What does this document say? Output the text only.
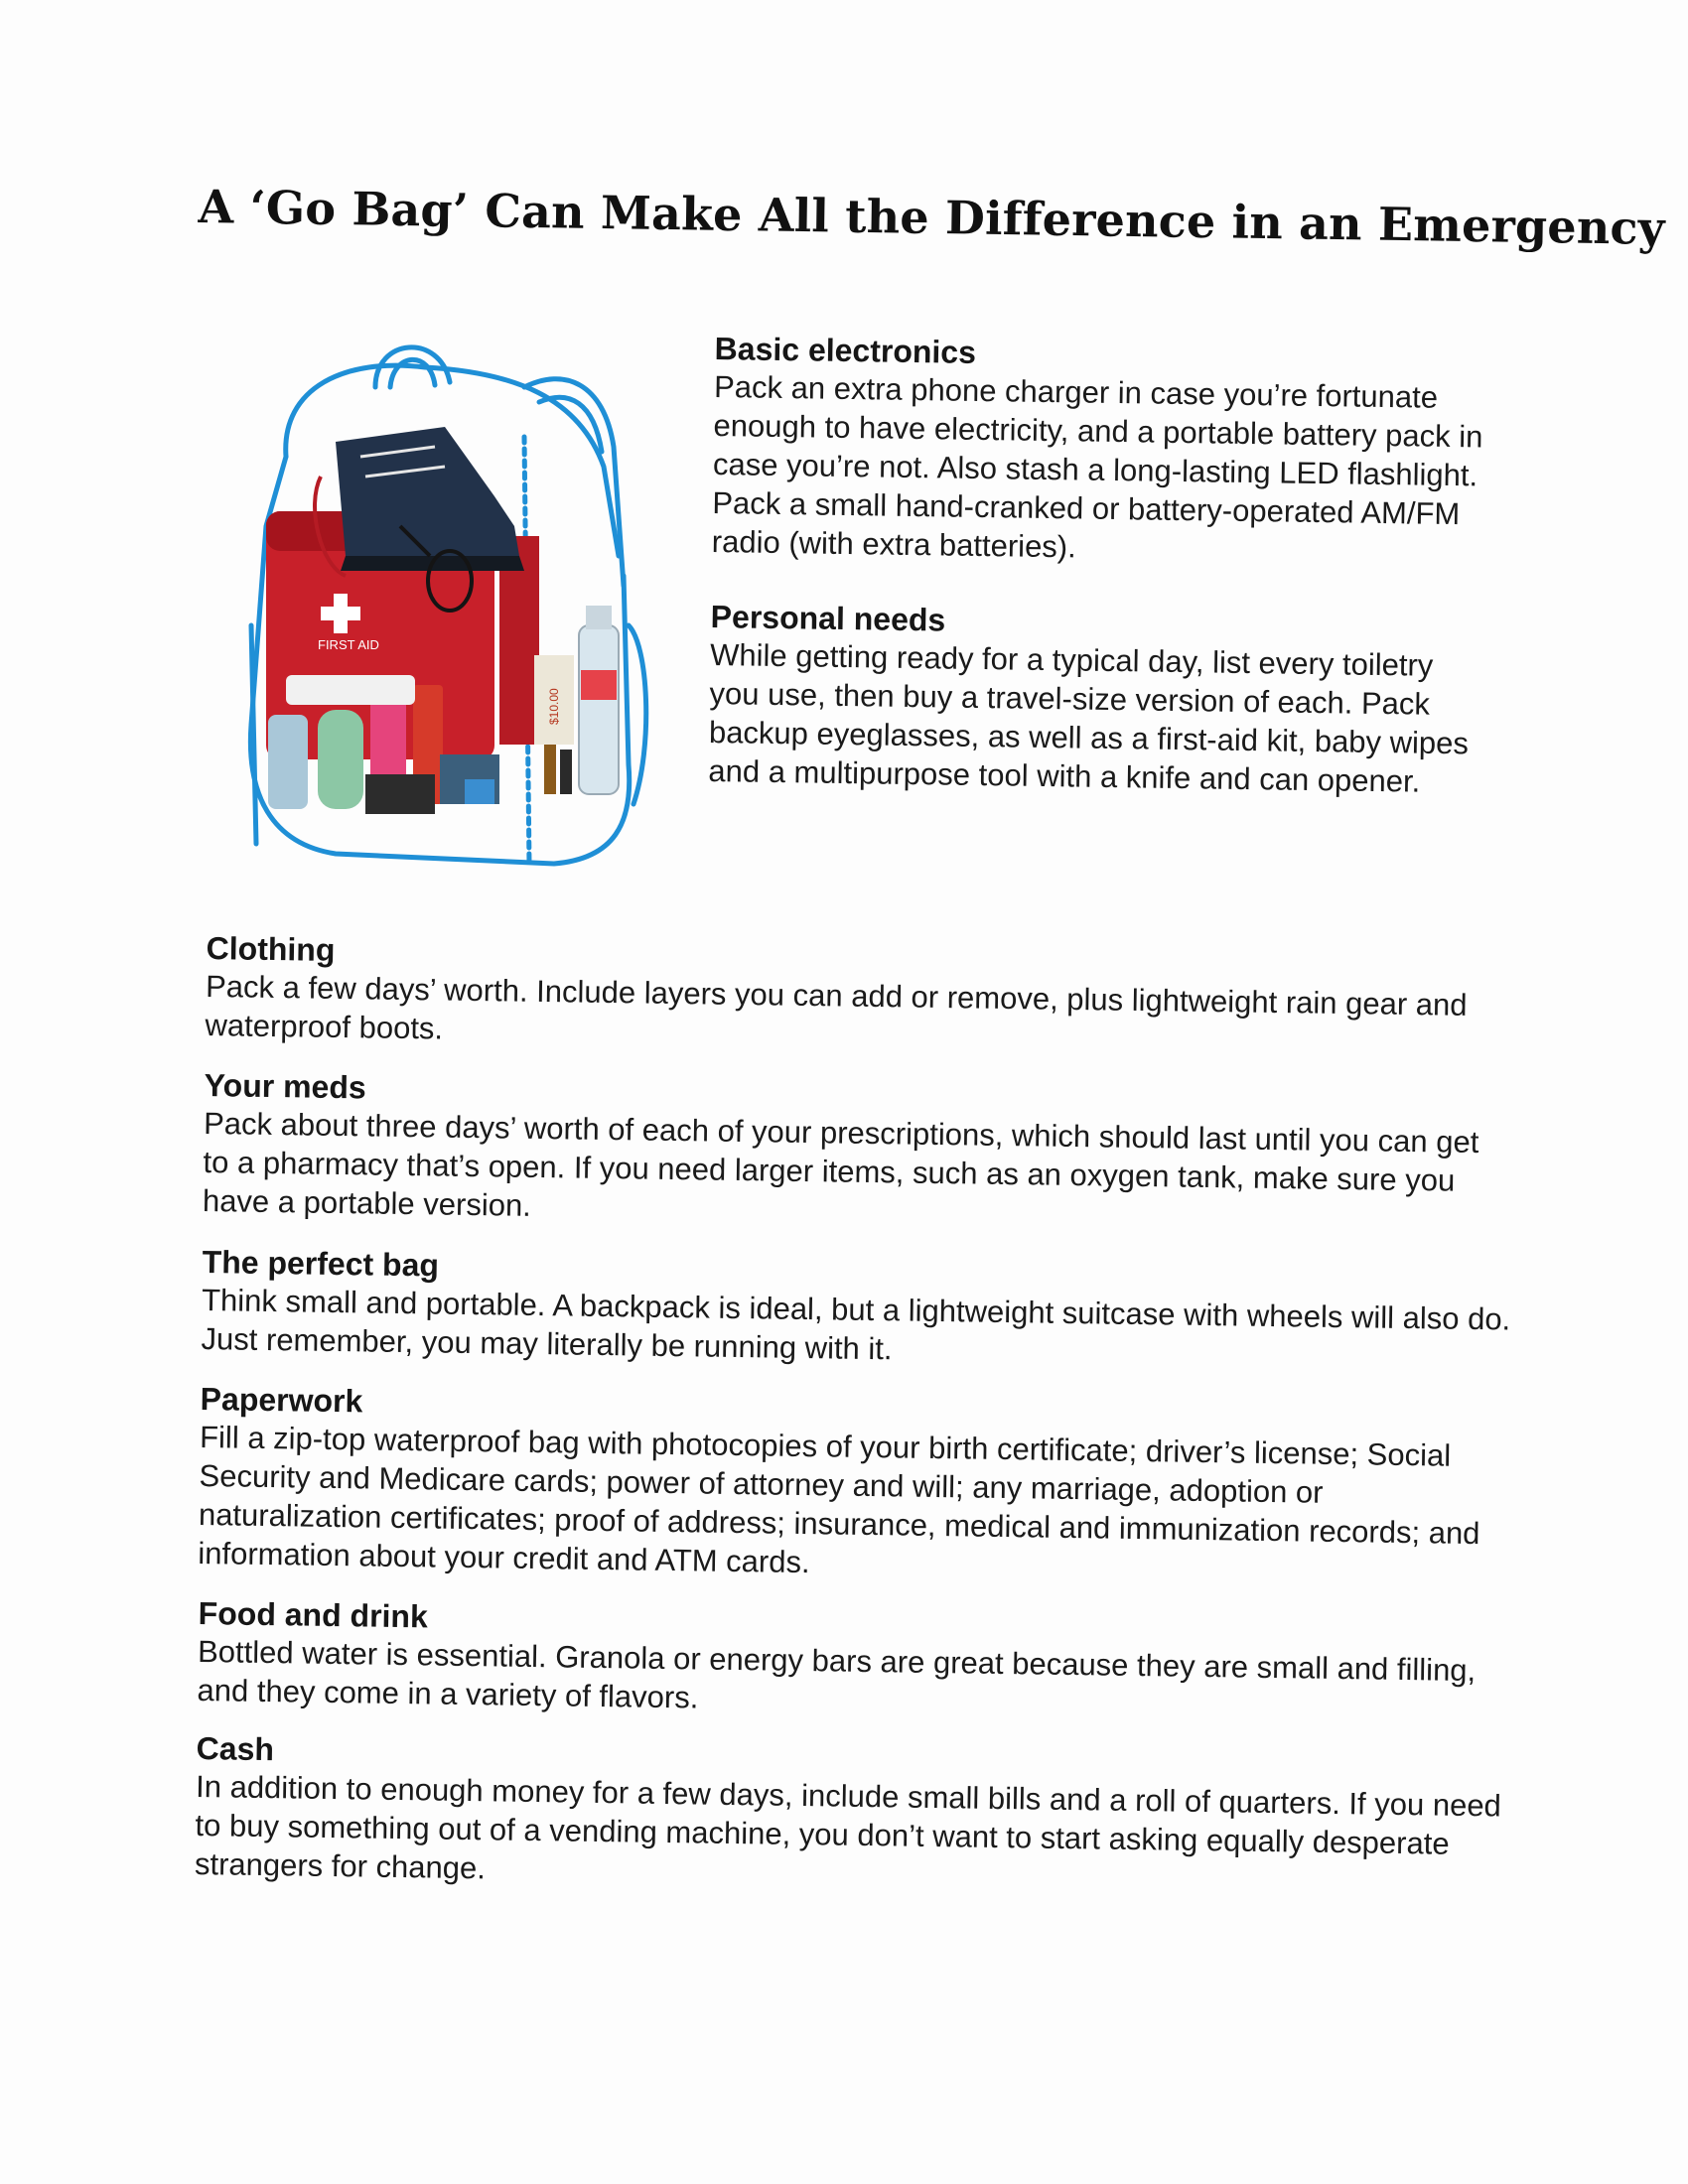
A ‘Go Bag’ Can Make All the Difference in an Emergency
FIRST AID
$10.00
Basic electronics

Pack an extra phone charger in case you’re fortunate enough to have electricity, and a portable battery pack in case you’re not. Also stash a long-lasting LED flashlight. Pack a small hand-cranked or battery-operated AM/FM radio (with extra batteries).

Personal needs

While getting ready for a typical day, list every toiletry you use, then buy a travel-size version of each. Pack backup eyeglasses, as well as a first-aid kit, baby wipes and a multipurpose tool with a knife and can opener.

Clothing

Pack a few days’ worth. Include layers you can add or remove, plus lightweight rain gear and waterproof boots.

Your meds

Pack about three days’ worth of each of your prescriptions, which should last until you can get to a pharmacy that’s open. If you need larger items, such as an oxygen tank, make sure you have a portable version.

The perfect bag

Think small and portable. A backpack is ideal, but a lightweight suitcase with wheels will also do. Just remember, you may literally be running with it.

Paperwork

Fill a zip-top waterproof bag with photocopies of your birth certificate; driver’s license; Social Security and Medicare cards; power of attorney and will; any marriage, adoption or naturalization certificates; proof of address; insurance, medical and immunization records; and information about your credit and ATM cards.

Food and drink

Bottled water is essential. Granola or energy bars are great because they are small and filling, and they come in a variety of flavors.

Cash

In addition to enough money for a few days, include small bills and a roll of quarters. If you need to buy something out of a vending machine, you don’t want to start asking equally desperate strangers for change.
